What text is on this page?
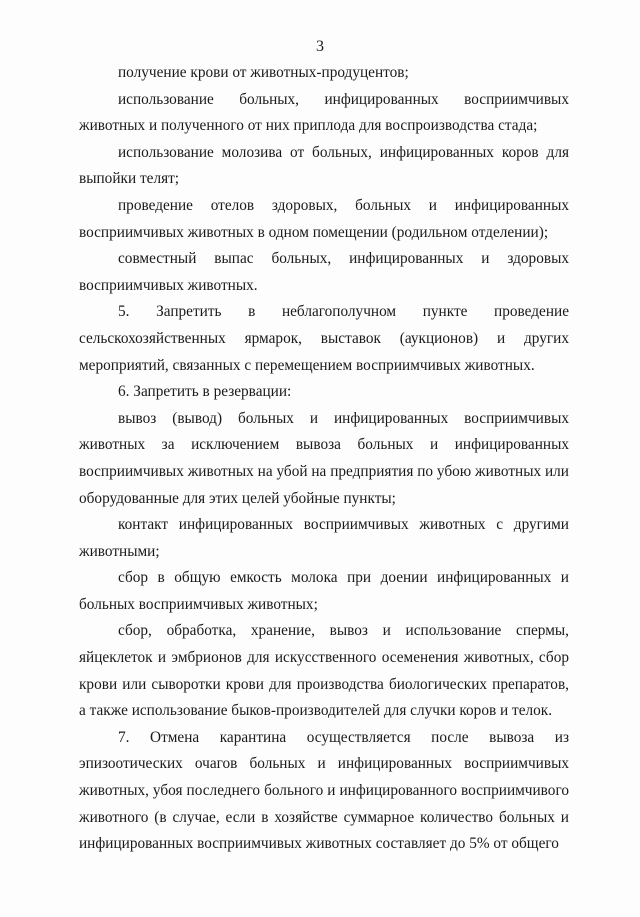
3

получение крови от животных-продуцентов;

использование больных, инфицированных восприимчивых животных и полученного от них приплода для воспроизводства стада;

использование молозива от больных, инфицированных коров для выпойки телят;

проведение отелов здоровых, больных и инфицированных восприимчивых животных в одном помещении (родильном отделении);

совместный выпас больных, инфицированных и здоровых восприимчивых животных.

5. Запретить в неблагополучном пункте проведение сельскохозяйственных ярмарок, выставок (аукционов) и других мероприятий, связанных с перемещением восприимчивых животных.

6. Запретить в резервации:

вывоз (вывод) больных и инфицированных восприимчивых животных за исключением вывоза больных и инфицированных восприимчивых животных на убой на предприятия по убою животных или оборудованные для этих целей убойные пункты;

контакт инфицированных восприимчивых животных с другими животными;

сбор в общую емкость молока при доении инфицированных и больных восприимчивых животных;

сбор, обработка, хранение, вывоз и использование спермы, яйцеклеток и эмбрионов для искусственного осеменения животных, сбор крови или сыворотки крови для производства биологических препаратов, а также использование быков-производителей для случки коров и телок.

7. Отмена карантина осуществляется после вывоза из эпизоотических очагов больных и инфицированных восприимчивых животных, убоя последнего больного и инфицированного восприимчивого животного (в случае, если в хозяйстве суммарное количество больных и инфицированных восприимчивых животных составляет до 5% от общего
